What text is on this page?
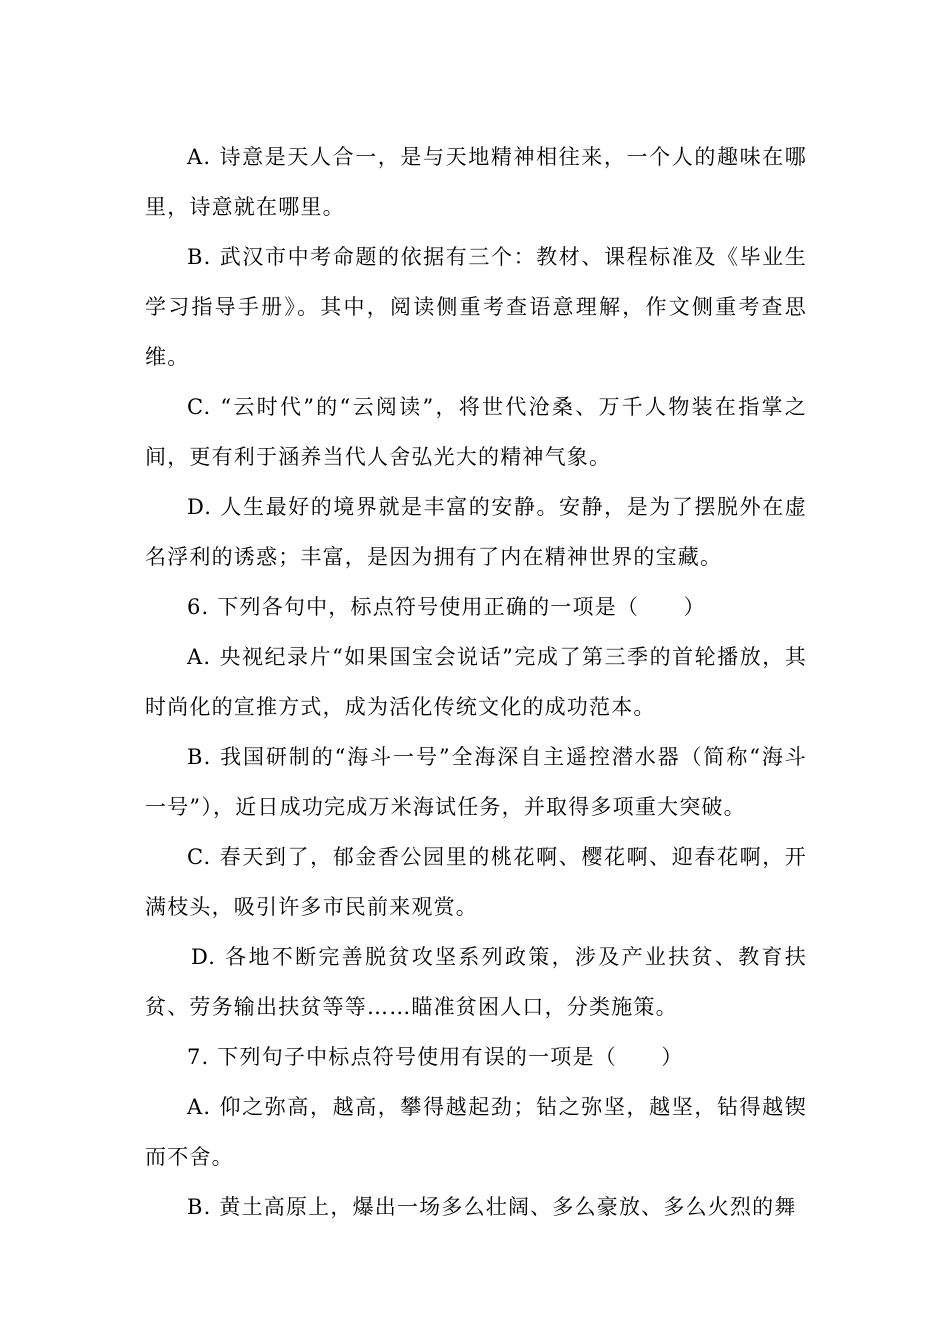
A. 诗意是天人合一，是与天地精神相往来，一个人的趣味在哪里，诗意就在哪里。

B. 武汉市中考命题的依据有三个：教材、课程标准及《毕业生学习指导手册》。其中，阅读侧重考查语意理解，作文侧重考查思维。

C. “云时代”的“云阅读”，将世代沧桑、万千人物装在指掌之间，更有利于涵养当代人舍弘光大的精神气象。

D. 人生最好的境界就是丰富的安静。安静，是为了摆脱外在虚名浮利的诱惑；丰富，是因为拥有了内在精神世界的宝藏。

6. 下列各句中，标点符号使用正确的一项是（　　）

A. 央视纪录片“如果国宝会说话”完成了第三季的首轮播放，其时尚化的宣推方式，成为活化传统文化的成功范本。

B. 我国研制的“海斗一号”全海深自主遥控潜水器（简称“海斗一号”），近日成功完成万米海试任务，并取得多项重大突破。

C. 春天到了，郁金香公园里的桃花啊、樱花啊、迎春花啊，开满枝头，吸引许多市民前来观赏。

D. 各地不断完善脱贫攻坚系列政策，涉及产业扶贫、教育扶贫、劳务输出扶贫等等……瞄准贫困人口，分类施策。

7. 下列句子中标点符号使用有误的一项是（　　）

A. 仰之弥高，越高，攀得越起劲；钻之弥坚，越坚，钻得越锲而不舍。

B. 黄土高原上，爆出一场多么壮阔、多么豪放、多么火烈的舞
